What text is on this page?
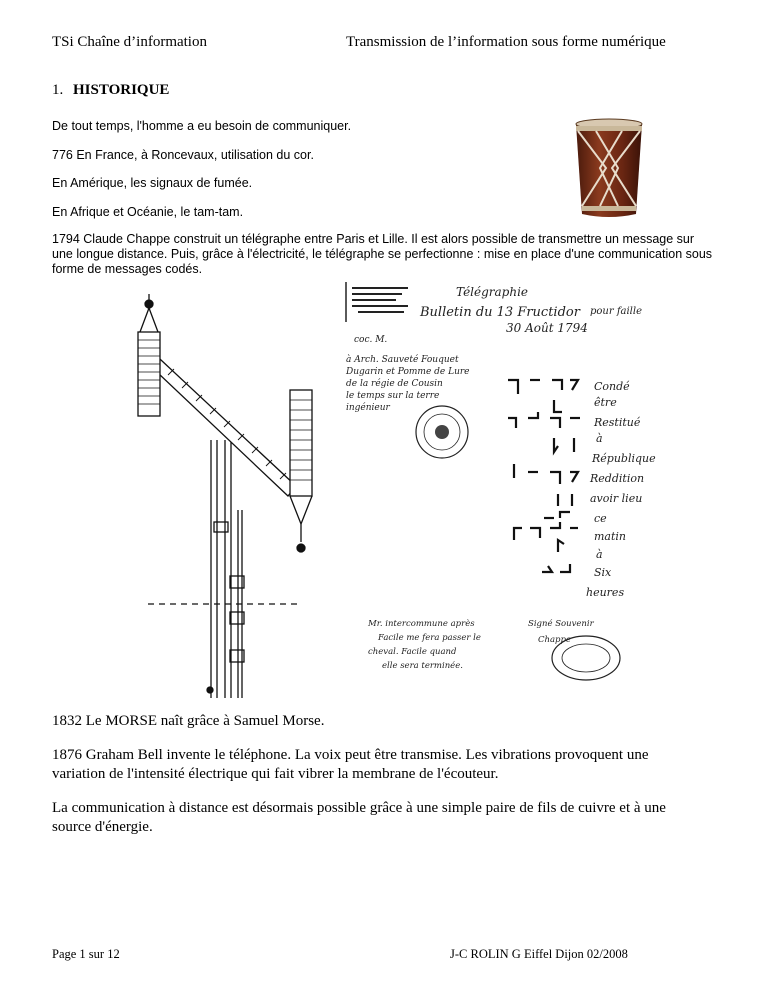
TSi Chaîne d’information	Transmission de l’information sous forme numérique
1. HISTORIQUE
De tout temps, l'homme a eu besoin de communiquer.
776 En France, à Roncevaux, utilisation du cor.
En Amérique, les signaux de fumée.
En Afrique et Océanie, le tam-tam.
1794 Claude Chappe construit un télégraphe entre Paris et Lille. Il est alors possible de transmettre un message sur
une longue distance. Puis, grâce à l'électricité, le télégraphe se perfectionne : mise en place d'une communication sous
forme de messages codés.
Télégraphie
Bulletin du 13 Fructidor
30 Août 1794
pour faille
coc. M.
à Arch. Sauveté Fouquet
Dugarin et Pomme de Lure
de la régie de Cousin
le temps sur la terre
ingénieur
Condé
être
Restitué
à
République
Reddition
avoir lieu
ce
matin
à
Six
heures
Mr. intercommune après
Facile me fera passer le
cheval. Facile quand
elle sera terminée.
Signé Souvenir
Chappe
1832 Le MORSE naît grâce à Samuel Morse.
1876 Graham Bell invente le téléphone. La voix peut être transmise. Les vibrations provoquent une
variation de l'intensité électrique qui fait vibrer la membrane de l'écouteur.
La communication à distance est désormais possible grâce à une simple paire de fils de cuivre et à une
source d'énergie.
Page 1 sur 12	J-C ROLIN G Eiffel Dijon 02/2008
